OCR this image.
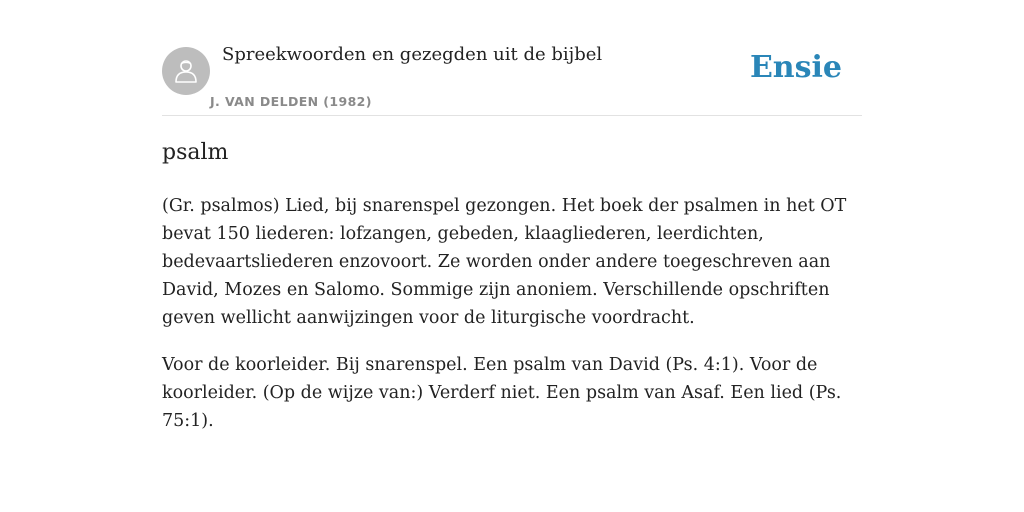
Spreekwoorden en gezegden uit de bijbel
J. VAN DELDEN (1982)
Ensie
psalm

(Gr. psalmos) Lied, bij snarenspel gezongen. Het boek der psalmen in het OT bevat 150 liederen: lofzangen, gebeden, klaagliederen, leerdichten, bedevaartsliederen enzovoort. Ze worden onder andere toegeschreven aan David, Mozes en Salomo. Sommige zijn anoniem. Verschillende opschriften geven wellicht aanwijzingen voor de liturgische voordracht.

Voor de koorleider. Bij snarenspel. Een psalm van David (Ps. 4:1). Voor de koorleider. (Op de wijze van:) Verderf niet. Een psalm van Asaf. Een lied (Ps. 75:1).
